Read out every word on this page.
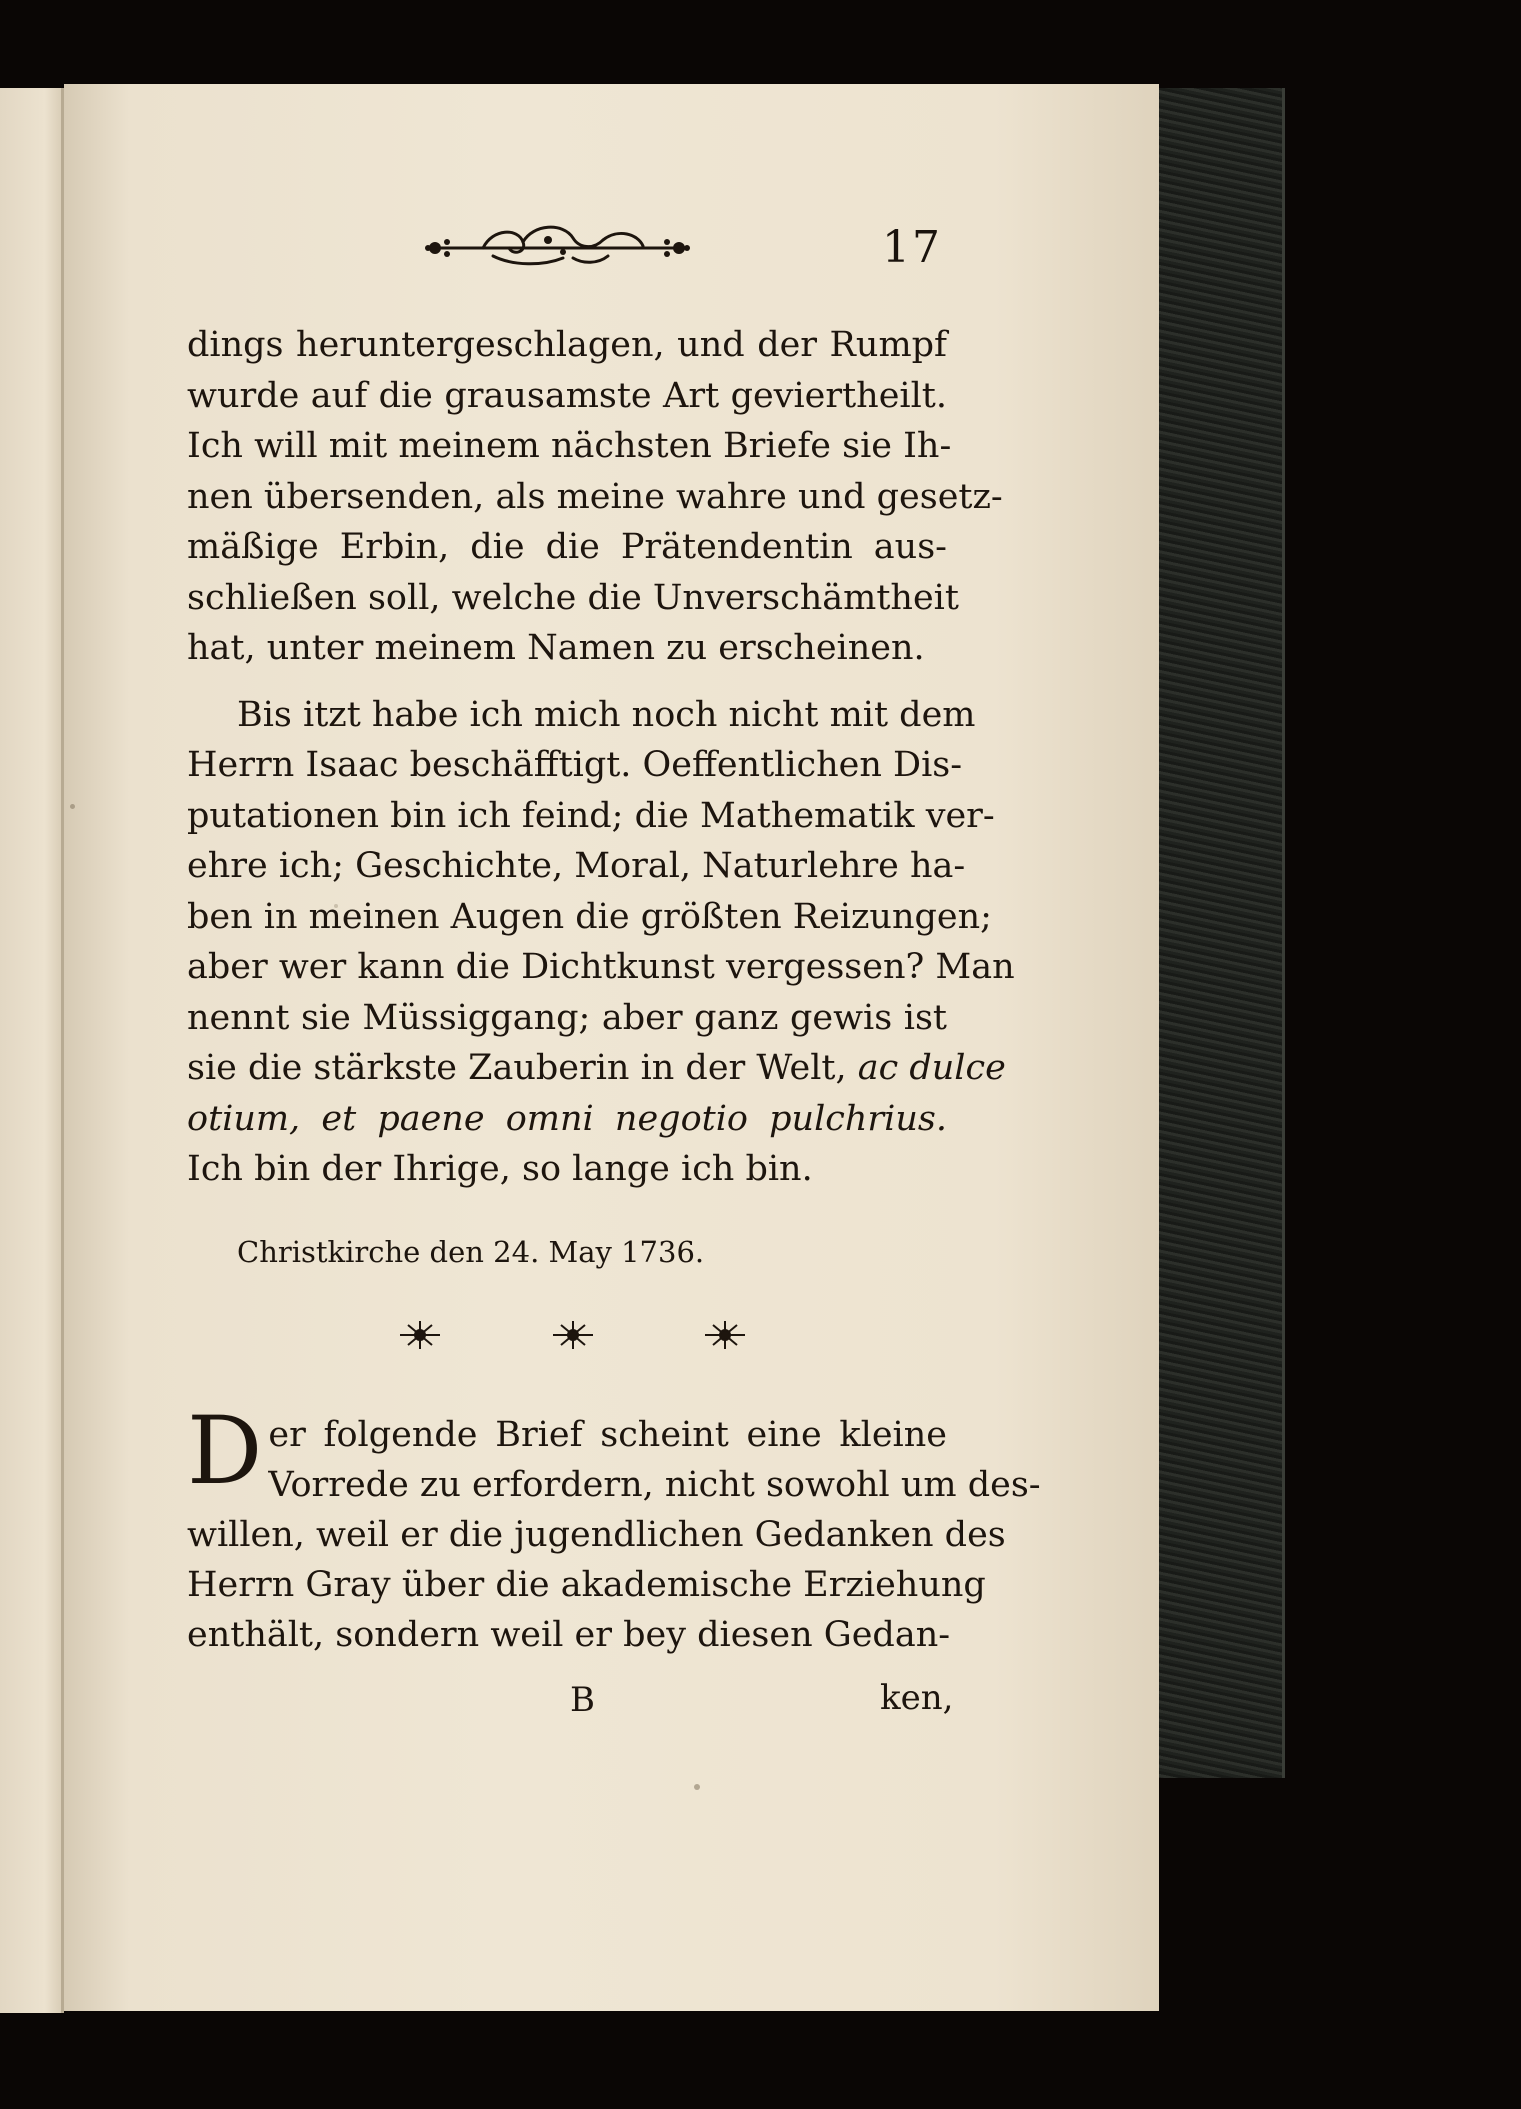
17
dings heruntergeschlagen, und der Rumpf
wurde auf die grausamste Art geviertheilt.
Ich will mit meinem nächsten Briefe sie Ih-
nen übersenden, als meine wahre und gesetz-
mäßige Erbin, die die Prätendentin aus-
schließen soll, welche die Unverschämtheit
hat, unter meinem Namen zu erscheinen.
Bis itzt habe ich mich noch nicht mit dem
Herrn Isaac beschäfftigt. Oeffentlichen Dis-
putationen bin ich feind; die Mathematik ver-
ehre ich; Geschichte, Moral, Naturlehre ha-
ben in meinen Augen die größten Reizungen;
aber wer kann die Dichtkunst vergessen? Man
nennt sie Müssiggang; aber ganz gewis ist
sie die stärkste Zauberin in der Welt, ac dulce
otium, et paene omni negotio pulchrius.
Ich bin der Ihrige, so lange ich bin.
Christkirche den 24. May 1736.
D er folgende Brief scheint eine kleine
Vorrede zu erfordern, nicht sowohl um des-
willen, weil er die jugendlichen Gedanken des
Herrn Gray über die akademische Erziehung
enthält, sondern weil er bey diesen Gedan-
B	ken,
